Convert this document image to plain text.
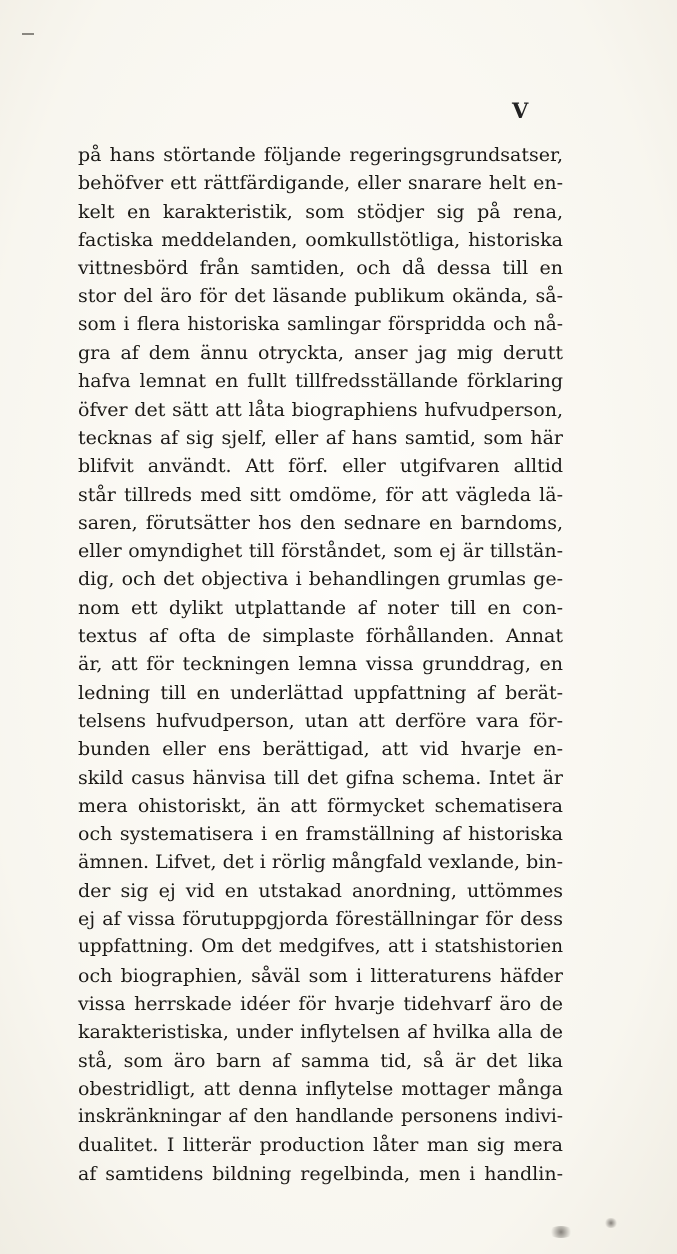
V
på hans störtande följande regeringsgrundsatser,
behöfver ett rättfärdigande, eller snarare helt en-
kelt en karakteristik, som stödjer sig på rena,
factiska meddelanden, oomkullstötliga, historiska
vittnesbörd från samtiden, och då dessa till en
stor del äro för det läsande publikum okända, så-
som i flera historiska samlingar förspridda och nå-
gra af dem ännu otryckta, anser jag mig derutt
hafva lemnat en fullt tillfredsställande förklaring
öfver det sätt att låta biographiens hufvudperson,
tecknas af sig sjelf, eller af hans samtid, som här
blifvit användt. Att förf. eller utgifvaren alltid
står tillreds med sitt omdöme, för att vägleda lä-
saren, förutsätter hos den sednare en barndoms,
eller omyndighet till förståndet, som ej är tillstän-
dig, och det objectiva i behandlingen grumlas ge-
nom ett dylikt utplattande af noter till en con-
textus af ofta de simplaste förhållanden. Annat
är, att för teckningen lemna vissa grunddrag, en
ledning till en underlättad uppfattning af berät-
telsens hufvudperson, utan att derföre vara för-
bunden eller ens berättigad, att vid hvarje en-
skild casus hänvisa till det gifna schema. Intet är
mera ohistoriskt, än att förmycket schematisera
och systematisera i en framställning af historiska
ämnen. Lifvet, det i rörlig mångfald vexlande, bin-
der sig ej vid en utstakad anordning, uttömmes
ej af vissa förutuppgjorda föreställningar för dess
uppfattning. Om det medgifves, att i statshistorien
och biographien, såväl som i litteraturens häfder
vissa herrskade idéer för hvarje tidehvarf äro de
karakteristiska, under inflytelsen af hvilka alla de
stå, som äro barn af samma tid, så är det lika
obestridligt, att denna inflytelse mottager många
inskränkningar af den handlande personens indivi-
dualitet. I litterär production låter man sig mera
af samtidens bildning regelbinda, men i handlin-
